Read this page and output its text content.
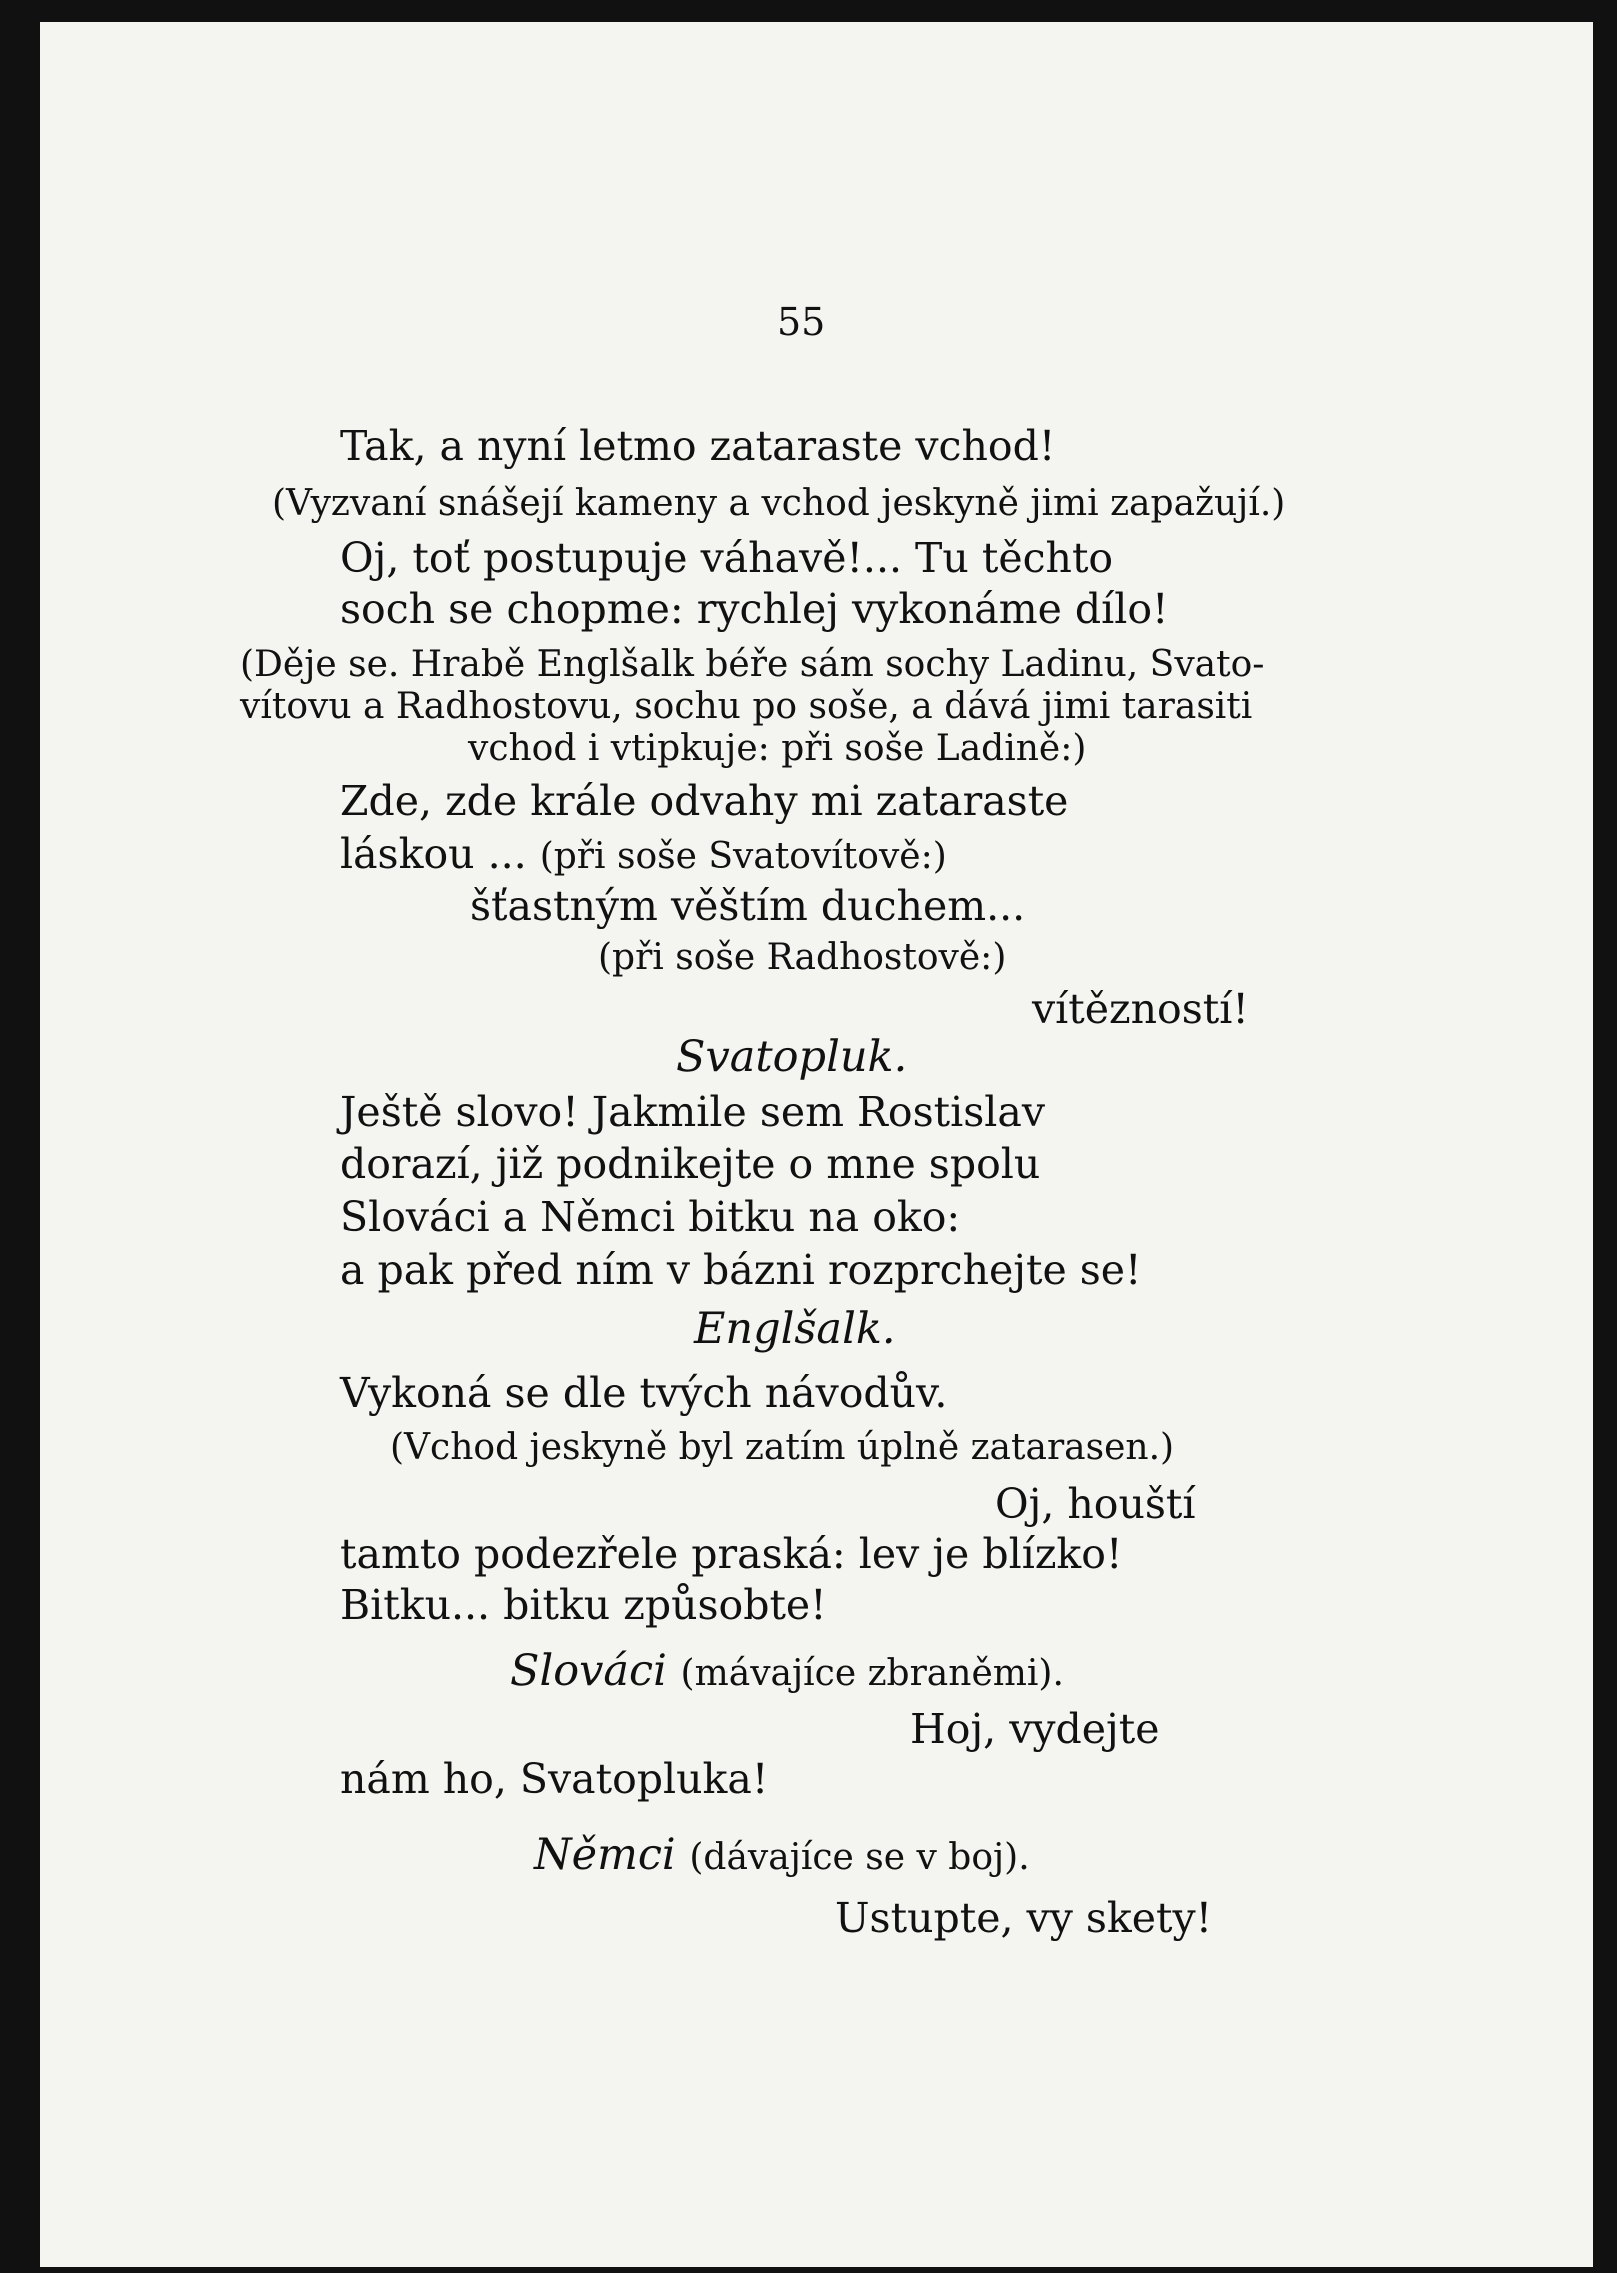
55
Tak, a nyní letmo zataraste vchod!
(Vyzvaní snášejí kameny a vchod jeskyně jimi zapažují.)
Oj, toť postupuje váhavě!... Tu těchto
soch se chopme: rychlej vykonáme dílo!
(Děje se. Hrabě Englšalk béře sám sochy Ladinu, Svato-
vítovu a Radhostovu, sochu po soše, a dává jimi tarasiti
vchod i vtipkuje: při soše Ladině:)
Zde, zde krále odvahy mi zataraste
láskou ... (při soše Svatovítově:)
šťastným věštím duchem...
(při soše Radhostově:)
vítězností!
Svatopluk.
Ještě slovo! Jakmile sem Rostislav
dorazí, již podnikejte o mne spolu
Slováci a Němci bitku na oko:
a pak před ním v bázni rozprchejte se!
Englšalk.
Vykoná se dle tvých návodův.
(Vchod jeskyně byl zatím úplně zatarasen.)
Oj, houští
tamto podezřele praská: lev je blízko!
Bitku... bitku způsobte!
Slováci (mávajíce zbraněmi).
Hoj, vydejte
nám ho, Svatopluka!
Němci (dávajíce se v boj).
Ustupte, vy skety!
